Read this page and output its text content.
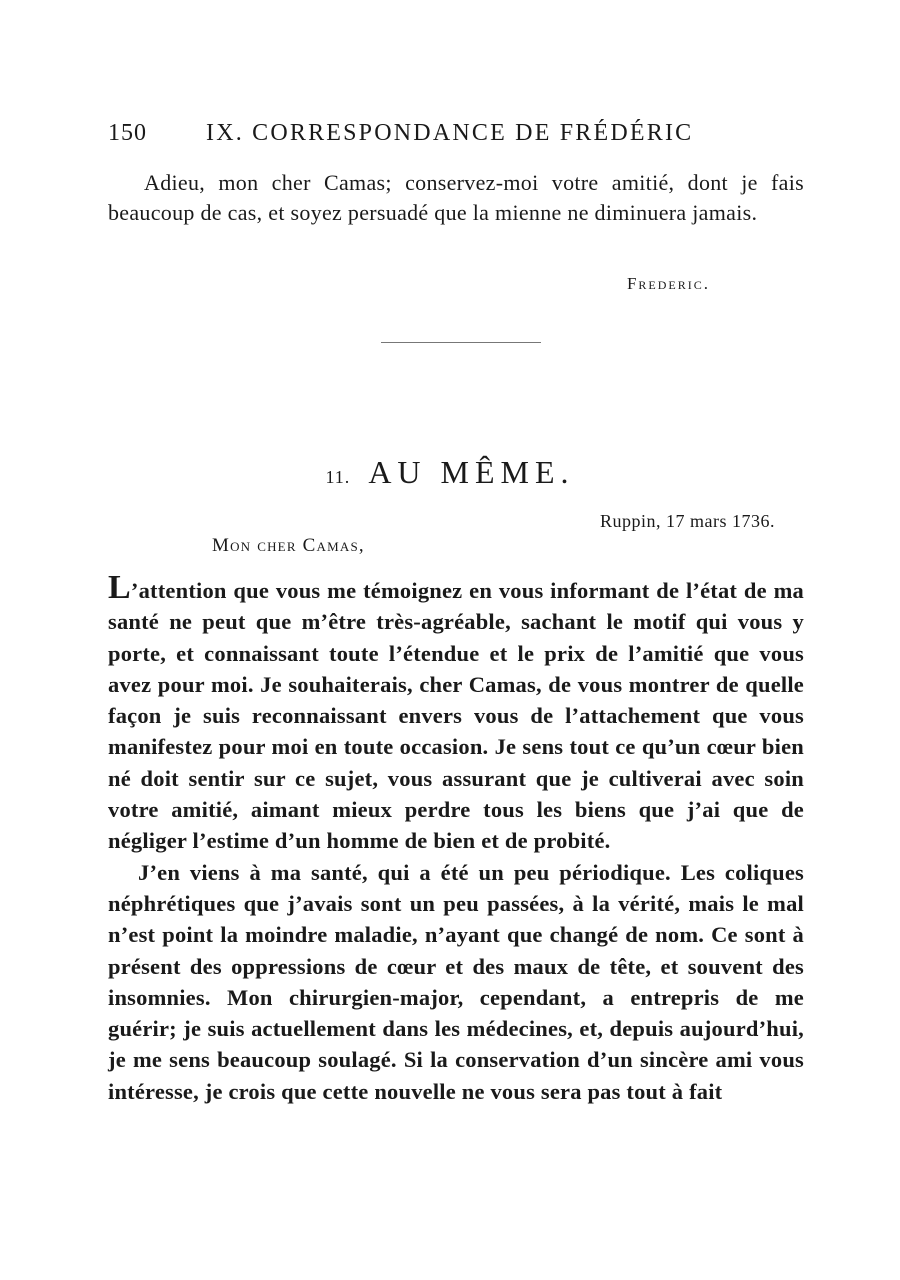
150 IX. CORRESPONDANCE DE FRÉDÉRIC

Adieu, mon cher Camas; conservez-moi votre amitié, dont je fais beaucoup de cas, et soyez persuadé que la mienne ne diminuera jamais.

Frederic.
11. AU MÊME.
Ruppin, 17 mars 1736.
Mon cher Camas,

L’attention que vous me témoignez en vous informant de l’état de ma santé ne peut que m’être très-agréable, sachant le motif qui vous y porte, et connaissant toute l’étendue et le prix de l’amitié que vous avez pour moi. Je souhaiterais, cher Camas, de vous montrer de quelle façon je suis reconnaissant envers vous de l’attachement que vous manifestez pour moi en toute occasion. Je sens tout ce qu’un cœur bien né doit sentir sur ce sujet, vous assurant que je cultiverai avec soin votre amitié, aimant mieux perdre tous les biens que j’ai que de négliger l’estime d’un homme de bien et de probité.

J’en viens à ma santé, qui a été un peu périodique. Les coliques néphrétiques que j’avais sont un peu passées, à la vérité, mais le mal n’est point la moindre maladie, n’ayant que changé de nom. Ce sont à présent des oppressions de cœur et des maux de tête, et souvent des insomnies. Mon chirurgien-major, cependant, a entrepris de me guérir; je suis actuellement dans les médecines, et, depuis aujourd’hui, je me sens beaucoup soulagé. Si la conservation d’un sincère ami vous intéresse, je crois que cette nouvelle ne vous sera pas tout à fait
